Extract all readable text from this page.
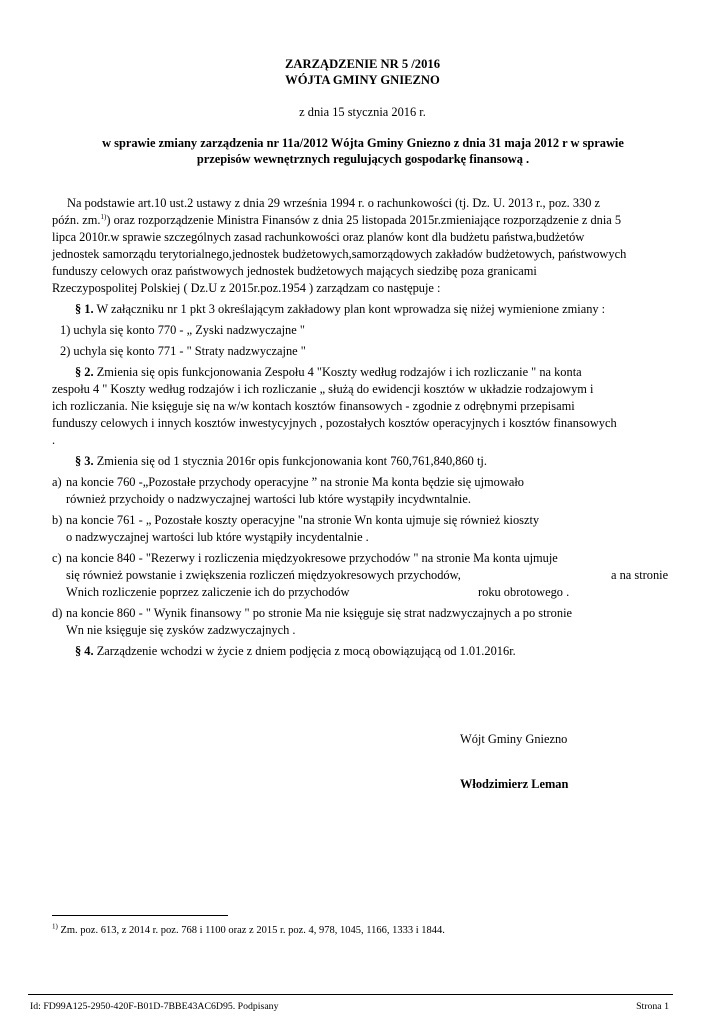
ZARZĄDZENIE NR 5 /2016
WÓJTA GMINY GNIEZNO
z dnia 15 stycznia 2016 r.
w sprawie zmiany zarządzenia nr 11a/2012 Wójta Gminy Gniezno z dnia 31 maja 2012 r w sprawie
przepisów wewnętrznych regulujących gospodarkę finansową .
Na podstawie art.10 ust.2 ustawy z dnia 29 września 1994 r. o rachunkowości (tj. Dz. U. 2013 r., poz. 330 z
późn. zm.$^{1)}$) oraz rozporządzenie Ministra Finansów z dnia 25 listopada 2015r.zmieniające rozporządzenie z dnia 5
lipca 2010r.w sprawie szczególnych zasad rachunkowości oraz planów kont dla budżetu państwa,budżetów
jednostek samorządu terytorialnego,jednostek budżetowych,samorządowych zakładów budżetowych, państwowych
funduszy celowych oraz państwowych jednostek budżetowych mających siedzibę poza granicami
Rzeczypospolitej Polskiej ( Dz.U z 2015r.poz.1954 ) zarządzam co następuje :
§ 1. W załączniku nr 1 pkt 3 określającym zakładowy plan kont wprowadza się niżej wymienione zmiany :
1) uchyla się konto 770 - „ Zyski nadzwyczajne "
2) uchyla się konto 771 - " Straty nadzwyczajne "
§ 2. Zmienia się opis funkcjonowania Zespołu 4 "Koszty według rodzajów i ich rozliczanie " na konta
zespołu 4 " Koszty według rodzajów i ich rozliczanie „ służą do ewidencji kosztów w układzie rodzajowym i
ich rozliczania. Nie księguje się na w/w kontach kosztów finansowych - zgodnie z odrębnymi przepisami
funduszy celowych i innych kosztów inwestycyjnych , pozostałych kosztów operacyjnych i kosztów finansowych
.
§ 3. Zmienia się od 1 stycznia 2016r opis funkcjonowania kont 760,761,840,860 tj.
a) na koncie 760 -„Pozostałe przychody operacyjne ” na stronie Ma konta będzie się ujmowało
również przychoidy o nadzwyczajnej wartości lub które wystąpiły incydwntalnie.
b) na koncie 761 - „ Pozostałe koszty operacyjne "na stronie Wn konta ujmuje się również kioszty
o nadzwyczajnej wartości lub które wystąpiły incydentalnie .
c) na koncie 840 - "Rezerwy i rozliczenia międzyokresowe przychodów " na stronie Ma konta ujmuje
się również powstanie i zwiększenia rozliczeń międzyokresowych przychodów,	a na stronie
Wnich rozliczenie poprzez zaliczenie ich do przychodów	roku obrotowego .
d) na koncie 860 - " Wynik finansowy " po stronie Ma nie księguje się strat nadzwyczajnych a po stronie
Wn nie księguje się zysków zadzwyczajnych .
§ 4. Zarządzenie wchodzi w życie z dniem podjęcia z mocą obowiązującą od 1.01.2016r.
Wójt Gminy Gniezno
Włodzimierz Leman
$^{1)}$ Zm. poz. 613, z 2014 r. poz. 768 i 1100 oraz z 2015 r. poz. 4, 978, 1045, 1166, 1333 i 1844.
Id: FD99A125-2950-420F-B01D-7BBE43AC6D95. Podpisany	Strona 1
